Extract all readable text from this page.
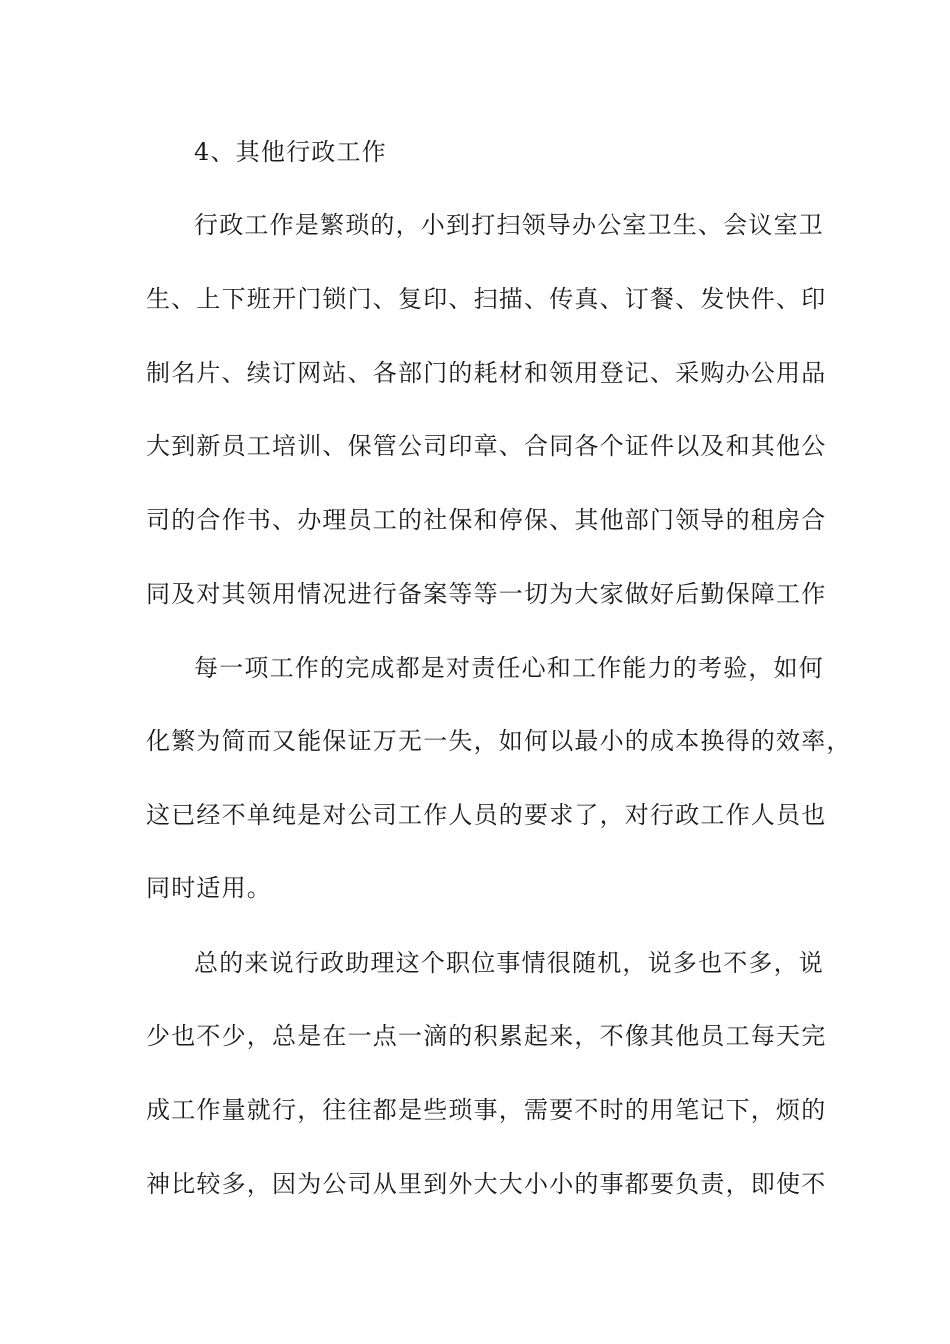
4、其他行政工作
行政工作是繁琐的，小到打扫领导办公室卫生、会议室卫
生、上下班开门锁门、复印、扫描、传真、订餐、发快件、印
制名片、续订网站、各部门的耗材和领用登记、采购办公用品
大到新员工培训、保管公司印章、合同各个证件以及和其他公
司的合作书、办理员工的社保和停保、其他部门领导的租房合
同及对其领用情况进行备案等等一切为大家做好后勤保障工作
每一项工作的完成都是对责任心和工作能力的考验，如何
化繁为简而又能保证万无一失，如何以最小的成本换得的效率，
这已经不单纯是对公司工作人员的要求了，对行政工作人员也
同时适用。
总的来说行政助理这个职位事情很随机，说多也不多，说
少也不少，总是在一点一滴的积累起来，不像其他员工每天完
成工作量就行，往往都是些琐事，需要不时的用笔记下，烦的
神比较多，因为公司从里到外大大小小的事都要负责，即使不
